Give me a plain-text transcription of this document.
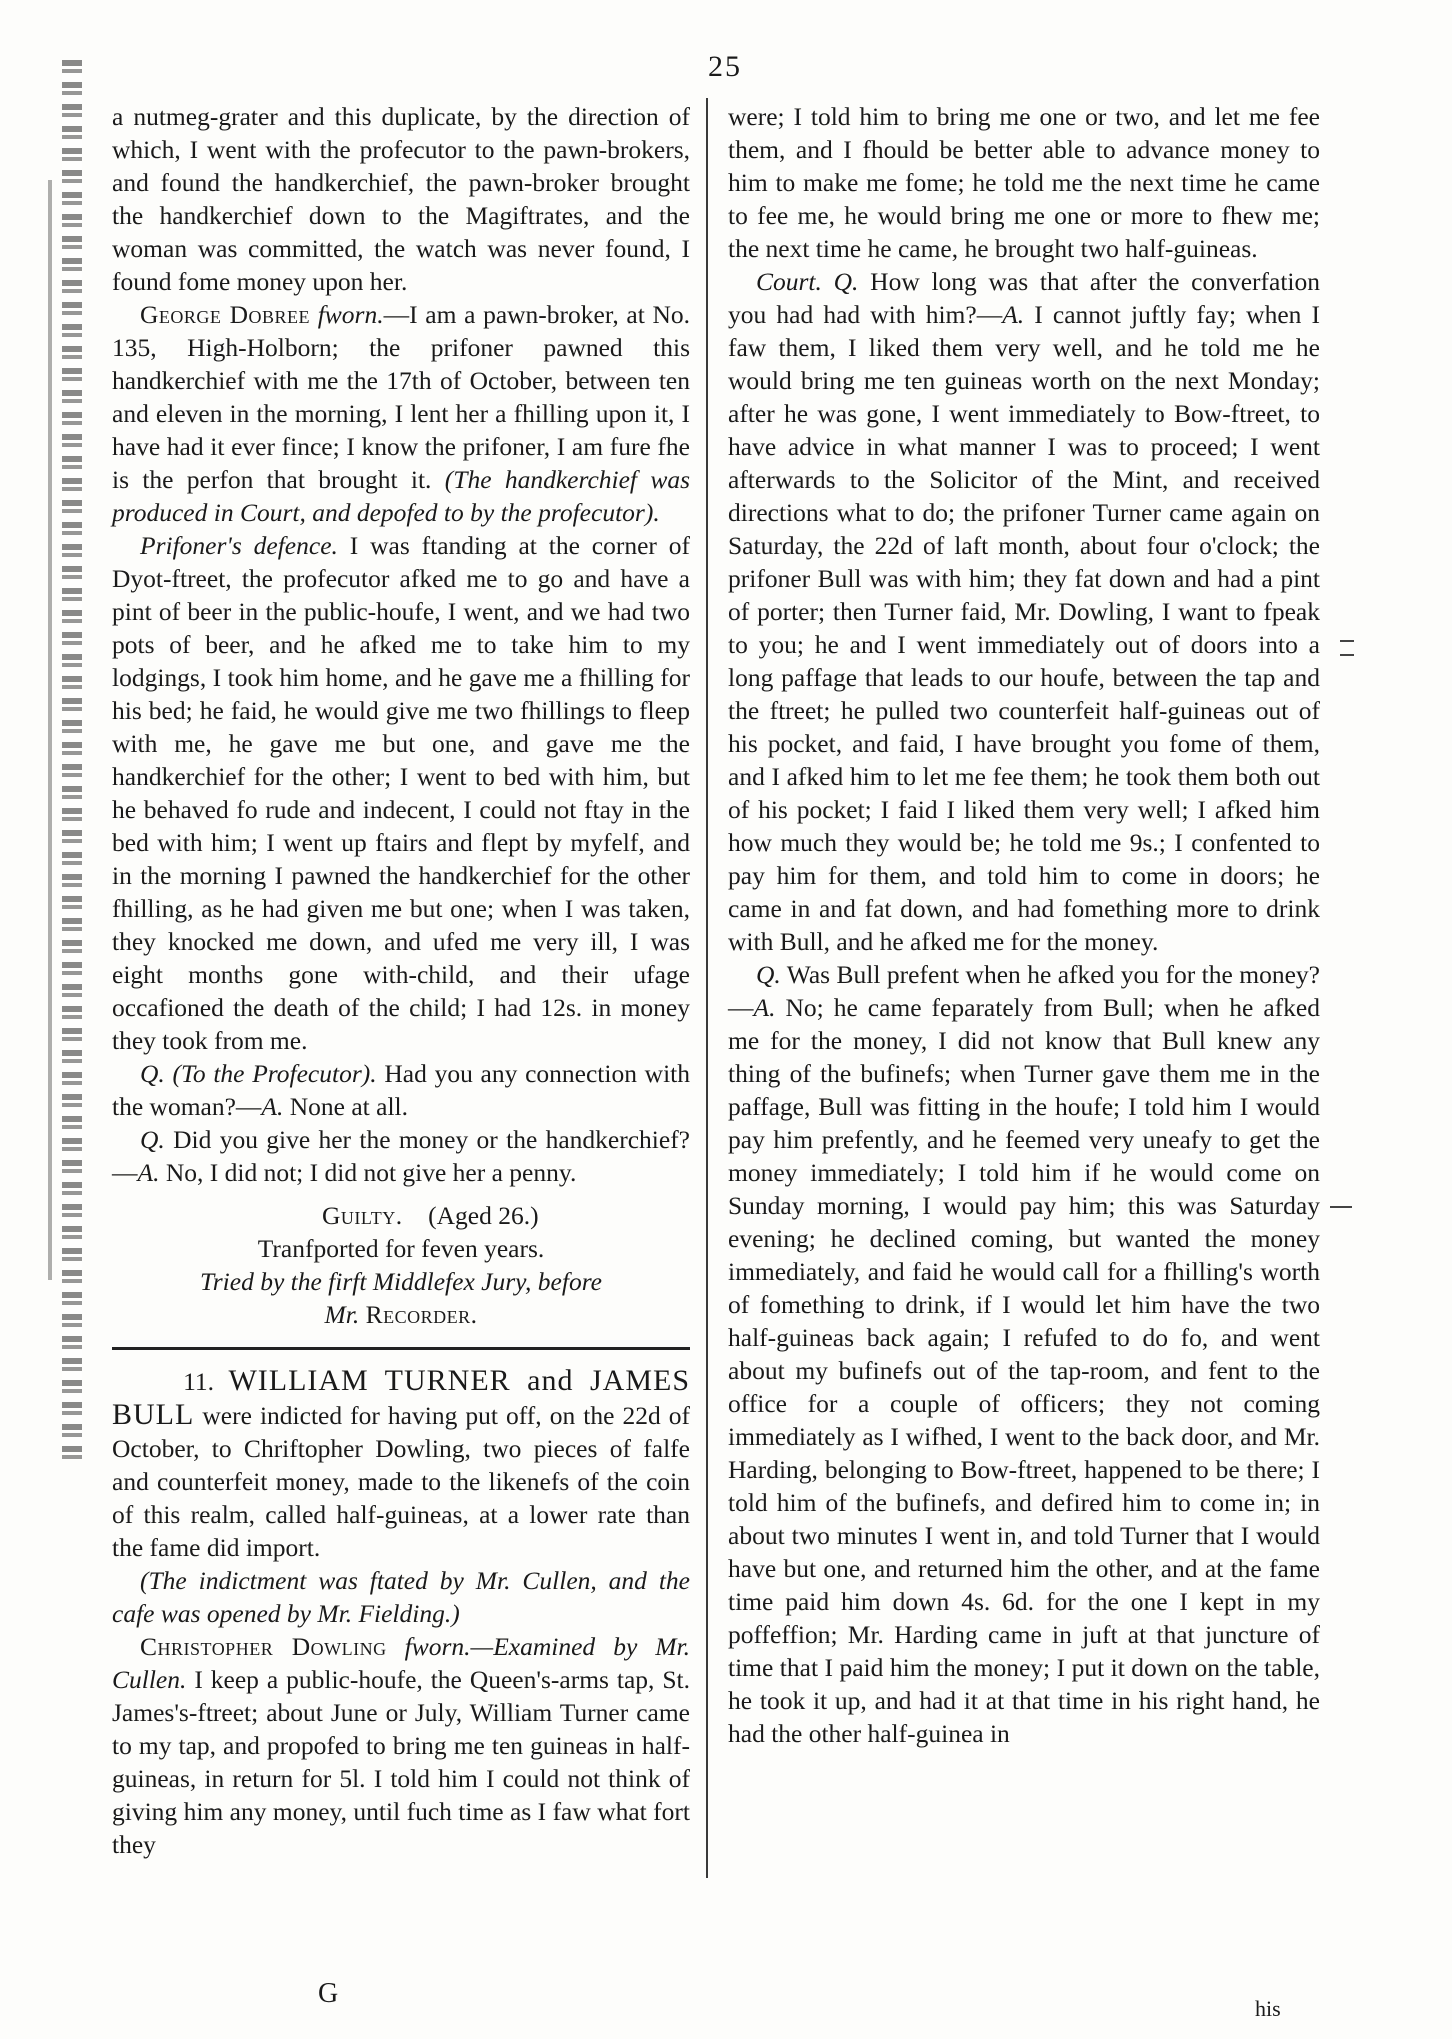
25

a nutmeg-grater and this duplicate, by the direction of which, I went with the profecutor to the pawn-brokers, and found the handkerchief, the pawn-broker brought the handkerchief down to the Magiftrates, and the woman was committed, the watch was never found, I found fome money upon her.

George Dobree fworn.—I am a pawn-broker, at No. 135, High-Holborn; the prifoner pawned this handkerchief with me the 17th of October, between ten and eleven in the morning, I lent her a fhilling upon it, I have had it ever fince; I know the prifoner, I am fure fhe is the perfon that brought it. (The handkerchief was produced in Court, and depofed to by the profecutor).

Prifoner's defence. I was ftanding at the corner of Dyot-ftreet, the profecutor afked me to go and have a pint of beer in the public-houfe, I went, and we had two pots of beer, and he afked me to take him to my lodgings, I took him home, and he gave me a fhilling for his bed; he faid, he would give me two fhillings to fleep with me, he gave me but one, and gave me the handkerchief for the other; I went to bed with him, but he behaved fo rude and indecent, I could not ftay in the bed with him; I went up ftairs and flept by myfelf, and in the morning I pawned the handkerchief for the other fhilling, as he had given me but one; when I was taken, they knocked me down, and ufed me very ill, I was eight months gone with-child, and their ufage occafioned the death of the child; I had 12s. in money they took from me.

Q. (To the Profecutor). Had you any connection with the woman?—A. None at all.

Q. Did you give her the money or the handkerchief?—A. No, I did not; I did not give her a penny.

Guilty. (Aged 26.)
Tranfported for feven years.
Tried by the firft Middlefex Jury, before
Mr. Recorder.

11. WILLIAM TURNER and JAMES BULL were indicted for having put off, on the 22d of October, to Chriftopher Dowling, two pieces of falfe and counterfeit money, made to the likenefs of the coin of this realm, called half-guineas, at a lower rate than the fame did import.

(The indictment was ftated by Mr. Cullen, and the cafe was opened by Mr. Fielding.)

Christopher Dowling fworn.—Examined by Mr. Cullen. I keep a public-houfe, the Queen's-arms tap, St. James's-ftreet; about June or July, William Turner came to my tap, and propofed to bring me ten guineas in half-guineas, in return for 5l. I told him I could not think of giving him any money, until fuch time as I faw what fort they

were; I told him to bring me one or two, and let me fee them, and I fhould be better able to advance money to him to make me fome; he told me the next time he came to fee me, he would bring me one or more to fhew me; the next time he came, he brought two half-guineas.

Court. Q. How long was that after the converfation you had had with him?—A. I cannot juftly fay; when I faw them, I liked them very well, and he told me he would bring me ten guineas worth on the next Monday; after he was gone, I went immediately to Bow-ftreet, to have advice in what manner I was to proceed; I went afterwards to the Solicitor of the Mint, and received directions what to do; the prifoner Turner came again on Saturday, the 22d of laft month, about four o'clock; the prifoner Bull was with him; they fat down and had a pint of porter; then Turner faid, Mr. Dowling, I want to fpeak to you; he and I went immediately out of doors into a long paffage that leads to our houfe, between the tap and the ftreet; he pulled two counterfeit half-guineas out of his pocket, and faid, I have brought you fome of them, and I afked him to let me fee them; he took them both out of his pocket; I faid I liked them very well; I afked him how much they would be; he told me 9s.; I confented to pay him for them, and told him to come in doors; he came in and fat down, and had fomething more to drink with Bull, and he afked me for the money.

Q. Was Bull prefent when he afked you for the money?—A. No; he came feparately from Bull; when he afked me for the money, I did not know that Bull knew any thing of the bufinefs; when Turner gave them me in the paffage, Bull was fitting in the houfe; I told him I would pay him prefently, and he feemed very uneafy to get the money immediately; I told him if he would come on Sunday morning, I would pay him; this was Saturday evening; he declined coming, but wanted the money immediately, and faid he would call for a fhilling's worth of fomething to drink, if I would let him have the two half-guineas back again; I refufed to do fo, and went about my bufinefs out of the tap-room, and fent to the office for a couple of officers; they not coming immediately as I wifhed, I went to the back door, and Mr. Harding, belonging to Bow-ftreet, happened to be there; I told him of the bufinefs, and defired him to come in; in about two minutes I went in, and told Turner that I would have but one, and returned him the other, and at the fame time paid him down 4s. 6d. for the one I kept in my poffeffion; Mr. Harding came in juft at that juncture of time that I paid him the money; I put it down on the table, he took it up, and had it at that time in his right hand, he had the other half-guinea in

G	his
